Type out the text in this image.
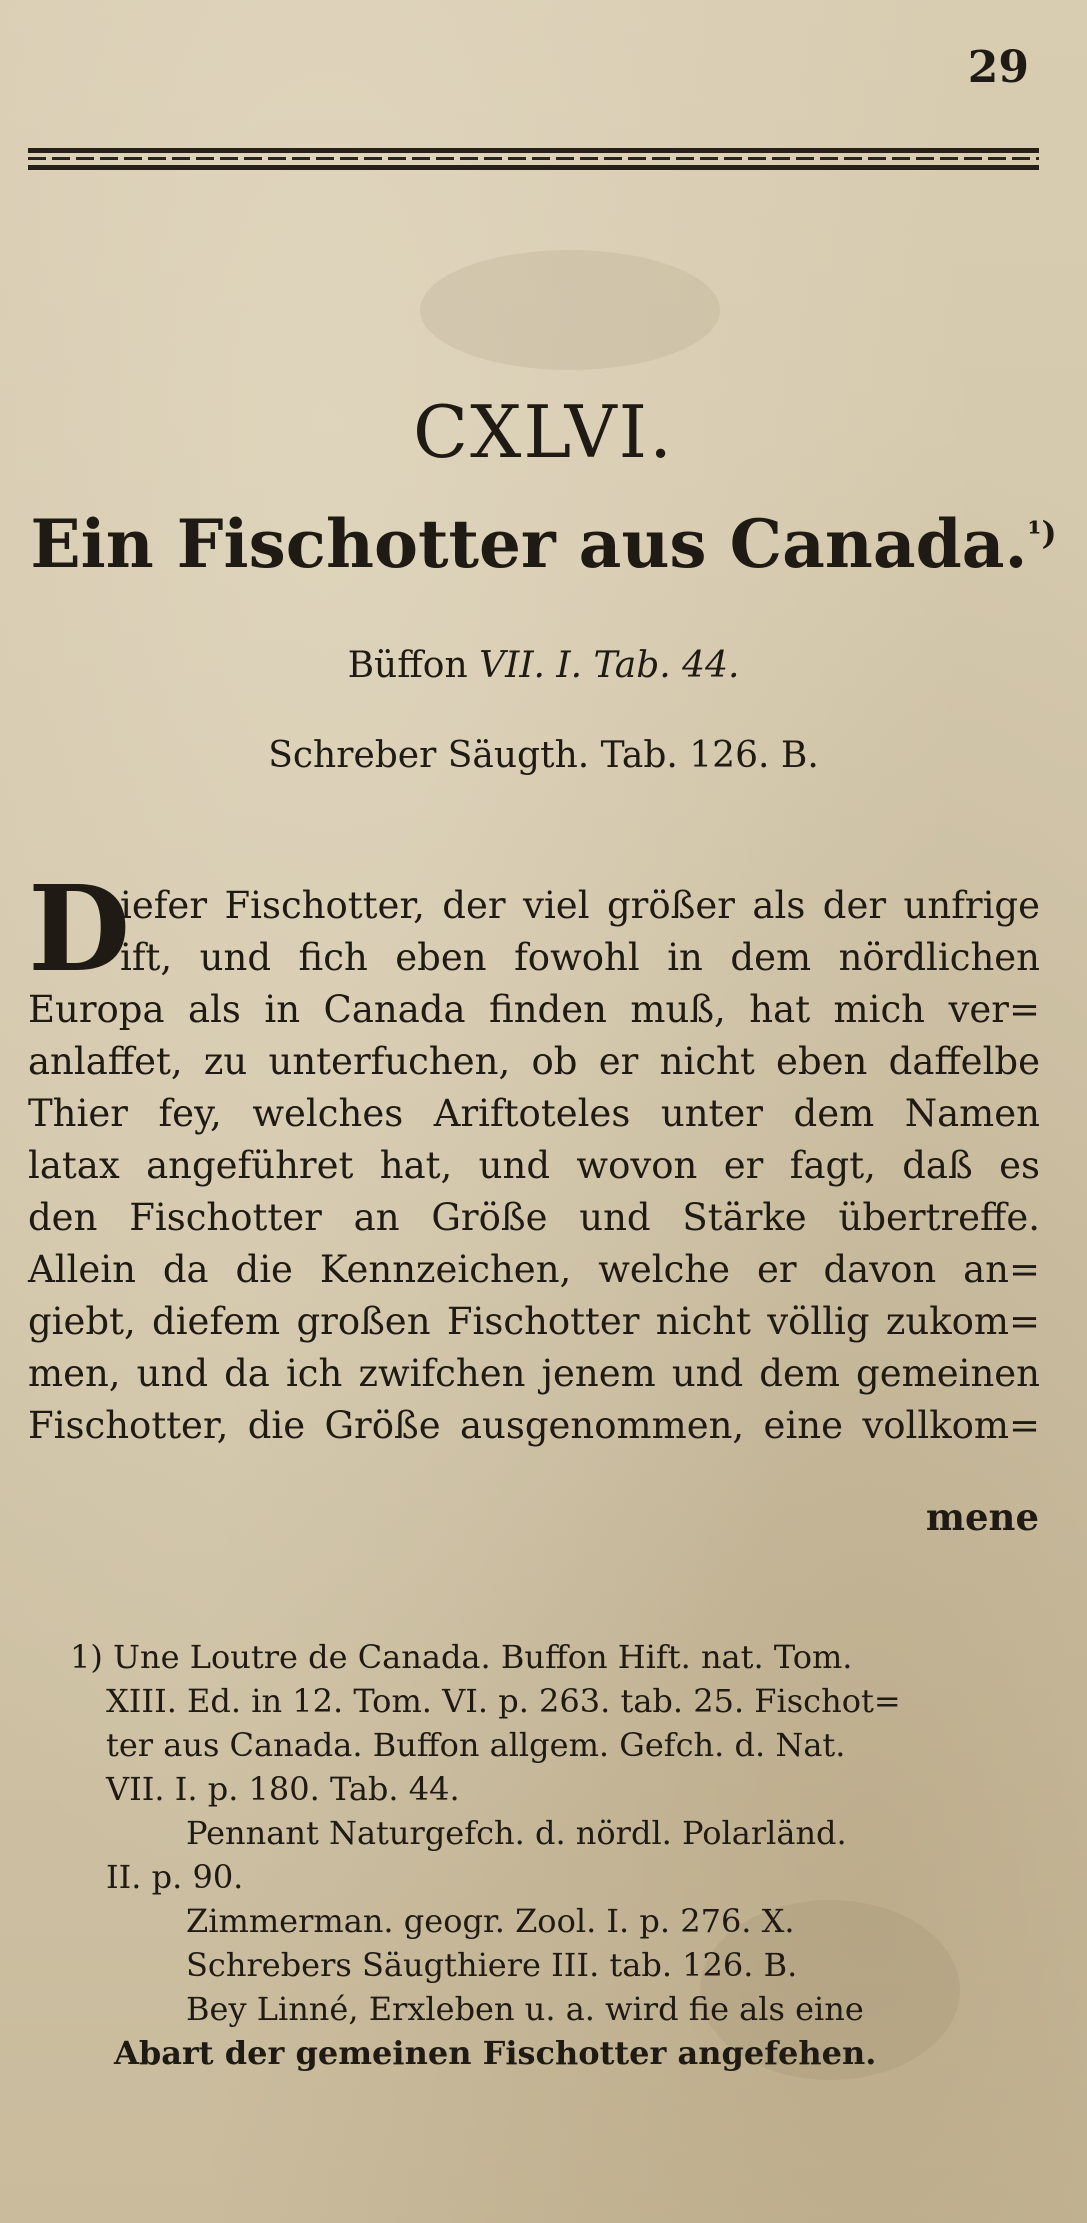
29
CXLVI.
Ein Fischotter aus Canada.$^{^1)}$
Büffon VII. I. Tab. 44.
Schreber Säugth. Tab. 126. B.
D
iefer Fischotter, der viel größer als der unfrige
ift, und fich eben fowohl in dem nördlichen
Europa als in Canada finden muß, hat mich ver=
anlaffet, zu unterfuchen, ob er nicht eben daffelbe
Thier fey, welches Ariftoteles unter dem Namen
latax angeführet hat, und wovon er fagt, daß es
den Fischotter an Größe und Stärke übertreffe.
Allein da die Kennzeichen, welche er davon an=
giebt, diefem großen Fischotter nicht völlig zukom=
men, und da ich zwifchen jenem und dem gemeinen
Fischotter, die Größe ausgenommen, eine vollkom=
mene
1) Une Loutre de Canada. Buffon Hift. nat. Tom.
XIII. Ed. in 12. Tom. VI. p. 263. tab. 25. Fischot=
ter aus Canada. Buffon allgem. Gefch. d. Nat.
VII. I. p. 180. Tab. 44.
Pennant Naturgefch. d. nördl. Polarländ.
II. p. 90.
Zimmerman. geogr. Zool. I. p. 276. X.
Schrebers Säugthiere III. tab. 126. B.
Bey Linné, Erxleben u. a. wird fie als eine
Abart der gemeinen Fischotter angefehen.
